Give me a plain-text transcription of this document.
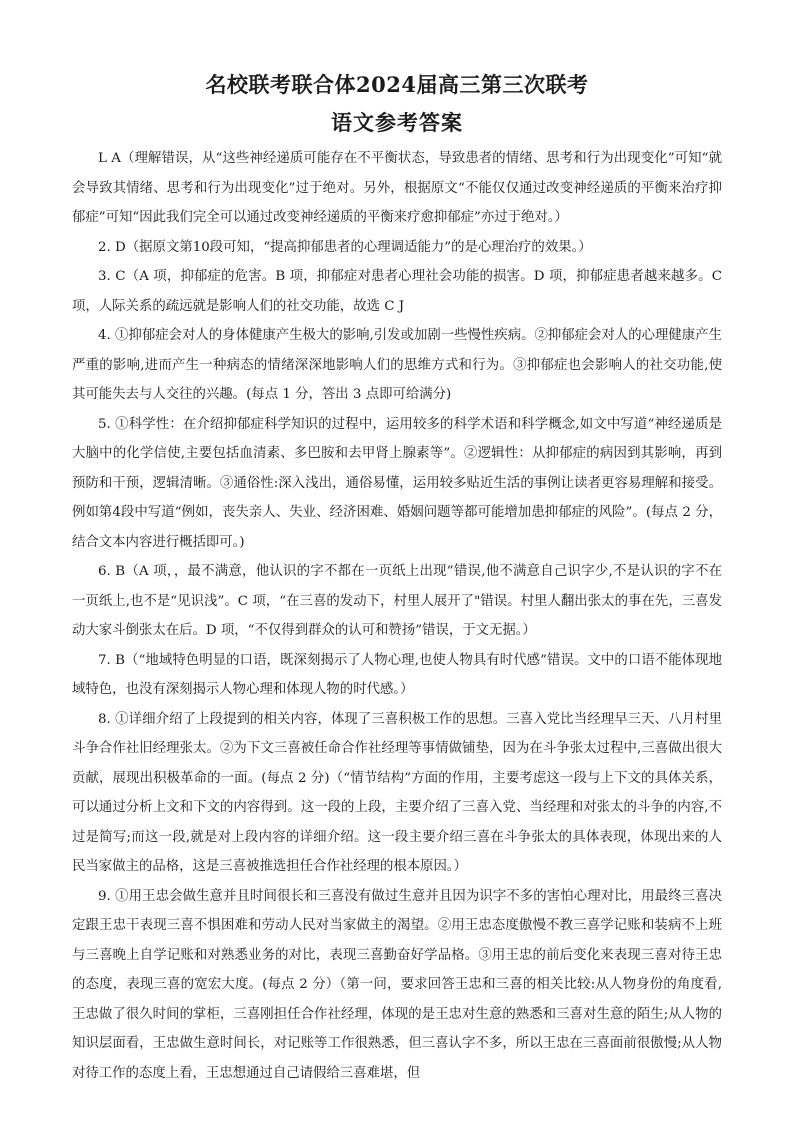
名校联考联合体2024届高三第三次联考
语文参考答案

L A（理解错误，从“这些神经递质可能存在不平衡状态，导致患者的情绪、思考和行为出现变化”可知“就会导致其情绪、思考和行为出现变化”过于绝对。另外，根据原文“不能仅仅通过改变神经递质的平衡来治疗抑郁症”可知“因此我们完全可以通过改变神经递质的平衡来疗愈抑郁症”亦过于绝对。）

2. D（据原文第10段可知，“提高抑郁患者的心理调适能力”的是心理治疗的效果。）

3. C（A 项，抑郁症的危害。B 项，抑郁症对患者心理社会功能的损害。D 项，抑郁症患者越来越多。C 项，人际关系的疏远就是影响人们的社交功能，故选 C J

4. ①抑郁症会对人的身体健康产生极大的影响,引发或加剧一些慢性疾病。②抑郁症会对人的心理健康产生严重的影响,进而产生一种病态的情绪深深地影响人们的思维方式和行为。③抑郁症也会影响人的社交功能,使其可能失去与人交往的兴趣。(每点 1 分，答出 3 点即可给满分)

5. ①科学性：在介绍抑郁症科学知识的过程中，运用较多的科学术语和科学概念,如文中写道“神经递质是大脑中的化学信使,主要包括血清素、多巴胺和去甲肾上腺素等”。②逻辑性：从抑郁症的病因到其影响，再到预防和干预，逻辑清晰。③通俗性:深入浅出，通俗易懂，运用较多贴近生活的事例让读者更容易理解和接受。例如第4段中写道“例如，丧失亲人、失业、经济困难、婚姻问题等都可能增加患抑郁症的风险”。(每点 2 分，结合文本内容进行概括即可。)

6. B（A 项，，最不满意，他认识的字不都在一页纸上出现”错误,他不满意自己识字少,不是认识的字不在一页纸上,也不是“见识浅”。C 项，“在三喜的发动下，村里人展开了"错误。村里人翻出张太的事在先，三喜发动大家斗倒张太在后。D 项，“不仅得到群众的认可和赞扬”错误，于文无据。）

7. B（“地域特色明显的口语，既深刻揭示了人物心理,也使人物具有时代感”错误。文中的口语不能体现地域特色，也没有深刻揭示人物心理和体现人物的时代感。）

8. ①详细介绍了上段提到的相关内容，体现了三喜积极工作的思想。三喜入党比当经理早三天、八月村里斗争合作社旧经理张太。②为下文三喜被任命合作社经理等事情做铺垫，因为在斗争张太过程中,三喜做出很大贡献，展现出积极革命的一面。(每点 2 分)（“情节结构”方面的作用，主要考虑这一段与上下文的具体关系，可以通过分析上文和下文的内容得到。这一段的上段，主要介绍了三喜入党、当经理和对张太的斗争的内容,不过是简写;而这一段,就是对上段内容的详细介绍。这一段主要介绍三喜在斗争张太的具体表现，体现出来的人民当家做主的品格，这是三喜被推选担任合作社经理的根本原因。）

9. ①用王忠会做生意并且时间很长和三喜没有做过生意并且因为识字不多的害怕心理对比，用最终三喜决定跟王忠干表现三喜不惧困难和劳动人民对当家做主的渴望。②用王忠态度傲慢不教三喜学记账和装病不上班与三喜晚上自学记账和对熟悉业务的对比，表现三喜勤奋好学品格。③用王忠的前后变化来表现三喜对待王忠的态度，表现三喜的宽宏大度。(每点 2 分）（第一问，要求回答王忠和三喜的相关比较:从人物身份的角度看,王忠做了很久时间的掌柜，三喜刚担任合作社经理，体现的是王忠对生意的熟悉和三喜对生意的陌生;从人物的知识层面看，王忠做生意时间长，对记账等工作很熟悉，但三喜认字不多，所以王忠在三喜面前很傲慢;从人物对待工作的态度上看，王忠想通过自己请假给三喜难堪，但
